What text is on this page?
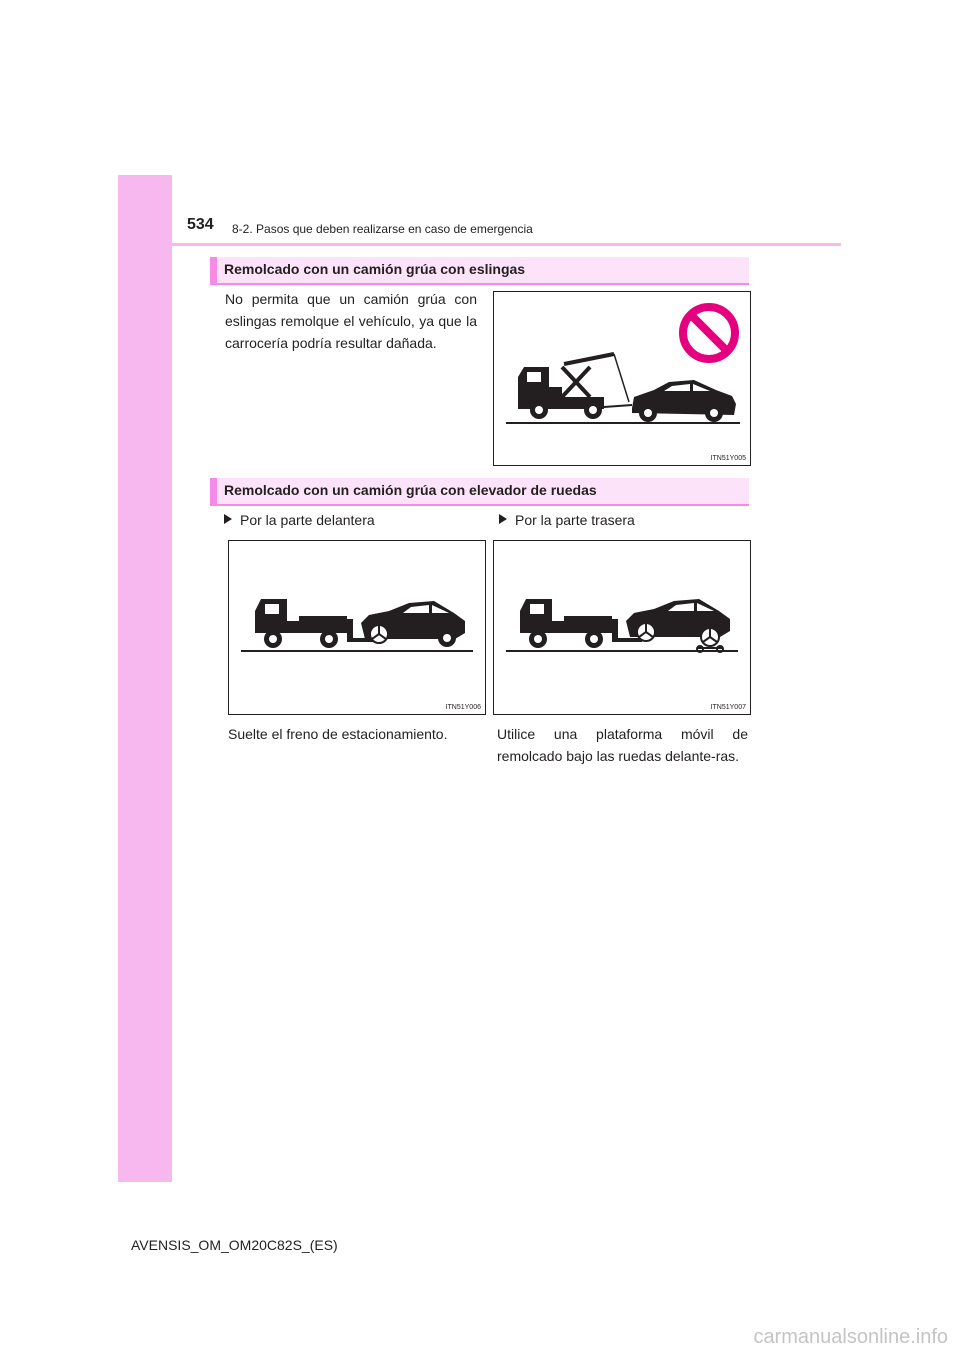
534 8-2. Pasos que deben realizarse en caso de emergencia
Remolcado con un camión grúa con eslingas
No permita que un camión grúa con eslingas remolque el vehículo, ya que la carrocería podría resultar dañada.
ITN51Y005
Remolcado con un camión grúa con elevador de ruedas
Por la parte delantera	Por la parte trasera
ITN51Y006	ITN51Y007
Suelte el freno de estacionamiento.	Utilice una plataforma móvil de remolcado bajo las ruedas delante-ras.
AVENSIS_OM_OM20C82S_(ES)
carmanualsonline.info
